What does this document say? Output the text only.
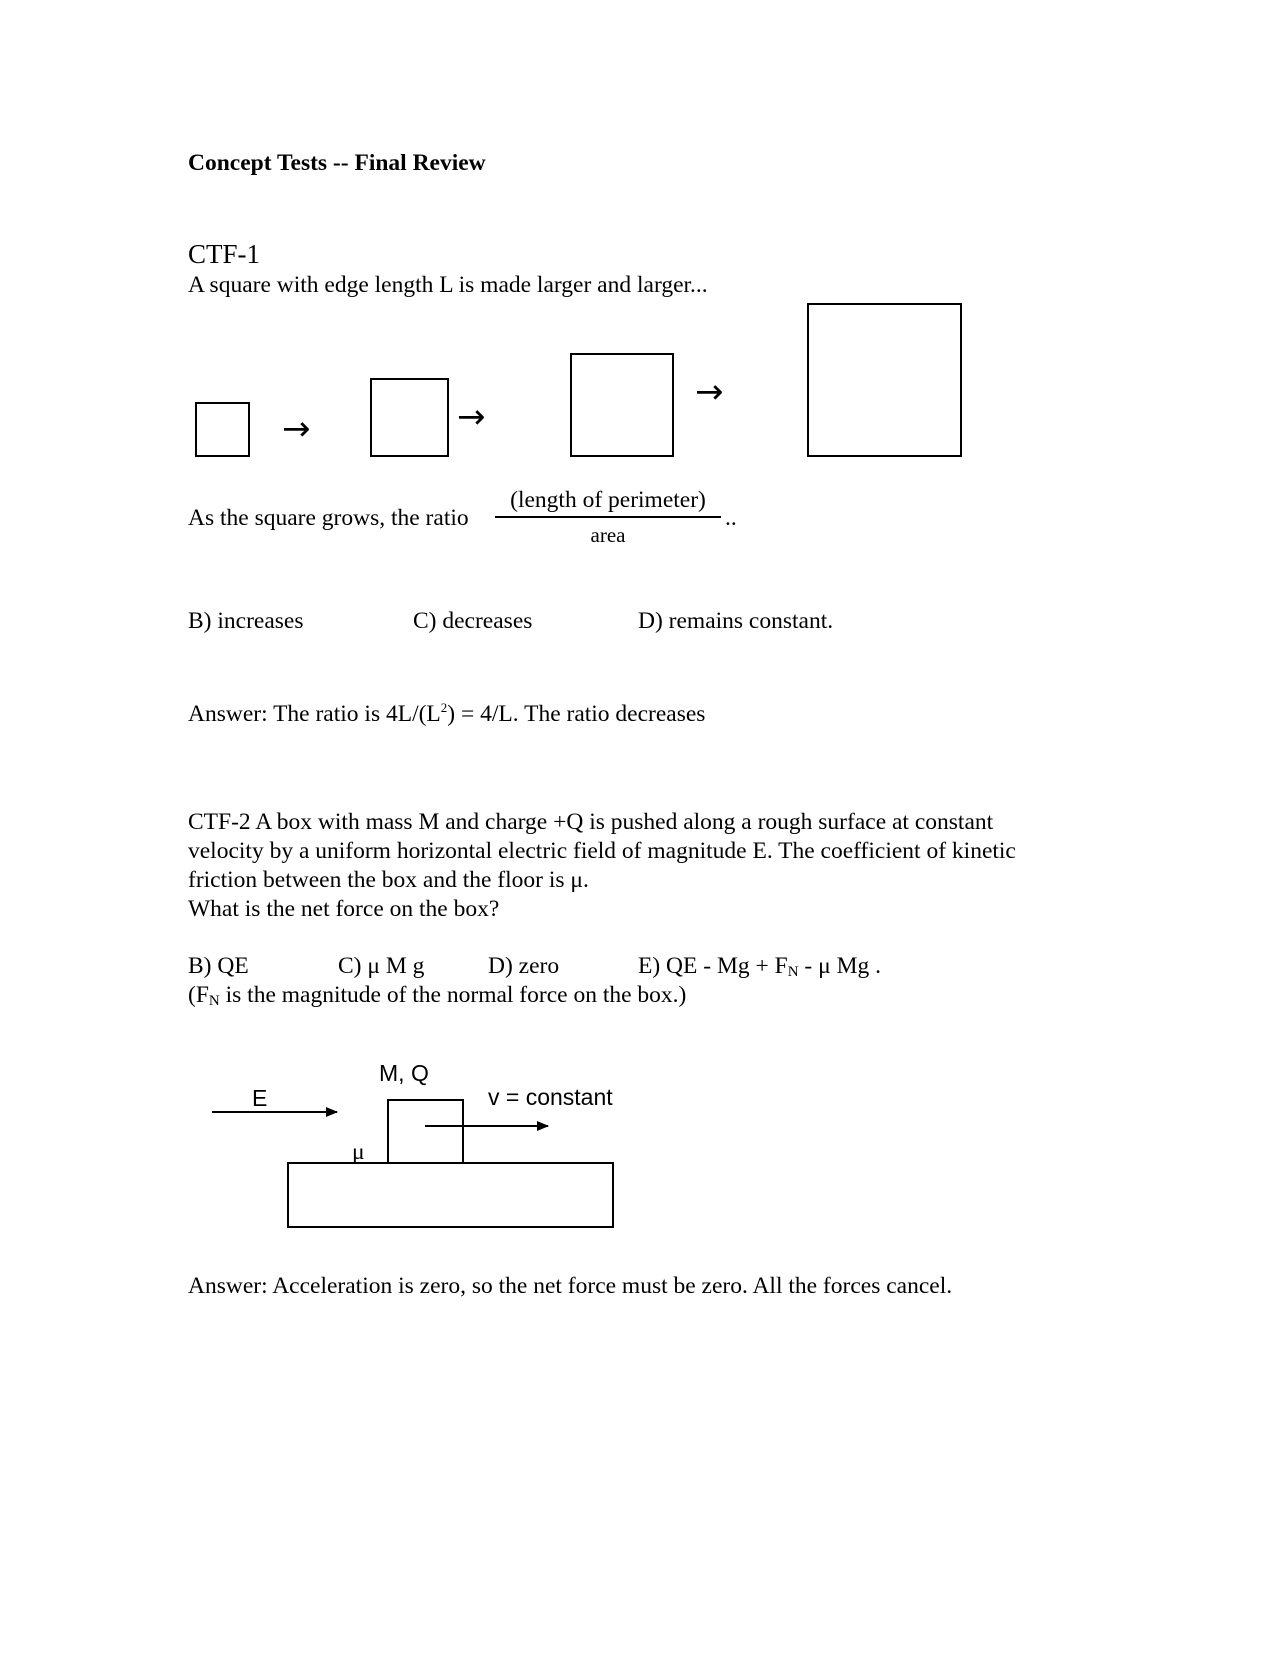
Concept Tests -- Final Review
CTF-1
A square with edge length L is made larger and larger...
→	→
→
As the square grows, the ratio
(length of perimeter)
area
..
B) increases	C) decreases	D) remains constant.
Answer: The ratio is $4L/(L^2) = 4/L$. The ratio decreases
CTF-2 A box with mass M and charge +Q is pushed along a rough surface at constant
velocity by a uniform horizontal electric field of magnitude E. The coefficient of kinetic
friction between the box and the floor is μ.
What is the net force on the box?
B) QE	C) μ M g	D) zero	E) QE - $Mg + F_N - \mu$ Mg .
($F_N$ is the magnitude of the normal force on the box.)
M, Q
E	v = constant
μ
Answer: Acceleration is zero, so the net force must be zero. All the forces cancel.
